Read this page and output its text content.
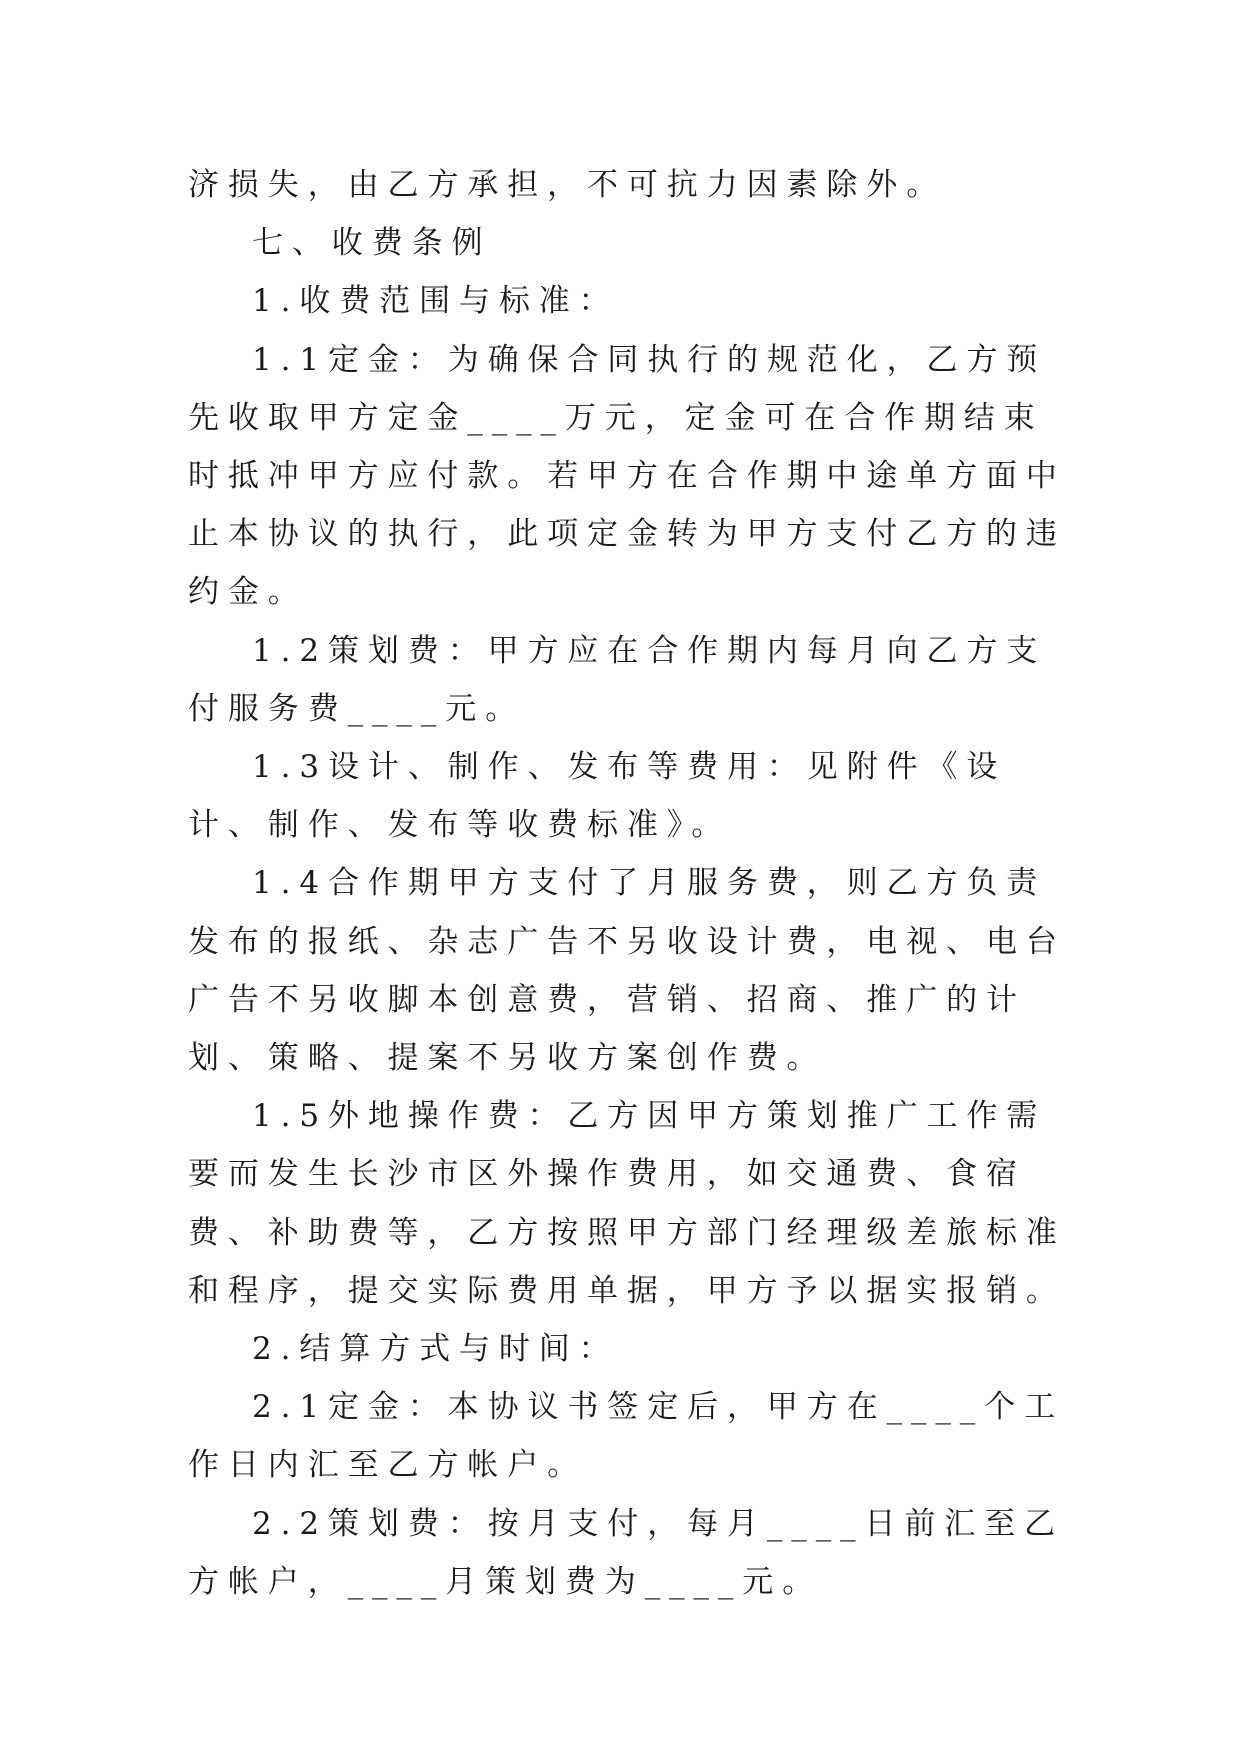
济损失，由乙方承担，不可抗力因素除外。

七、收费条例

1.收费范围与标准：

1.1定金：为确保合同执行的规范化，乙方预先收取甲方定金____万元，定金可在合作期结束时抵冲甲方应付款。若甲方在合作期中途单方面中止本协议的执行，此项定金转为甲方支付乙方的违约金。

1.2策划费：甲方应在合作期内每月向乙方支付服务费____元。

1.3设计、制作、发布等费用：见附件《设计、制作、发布等收费标准》。

1.4合作期甲方支付了月服务费，则乙方负责发布的报纸、杂志广告不另收设计费，电视、电台广告不另收脚本创意费，营销、招商、推广的计划、策略、提案不另收方案创作费。

1.5外地操作费：乙方因甲方策划推广工作需要而发生长沙市区外操作费用，如交通费、食宿费、补助费等，乙方按照甲方部门经理级差旅标准和程序，提交实际费用单据，甲方予以据实报销。

2.结算方式与时间：

2.1定金：本协议书签定后，甲方在____个工作日内汇至乙方帐户。

2.2策划费：按月支付，每月____日前汇至乙方帐户，____月策划费为____元。
